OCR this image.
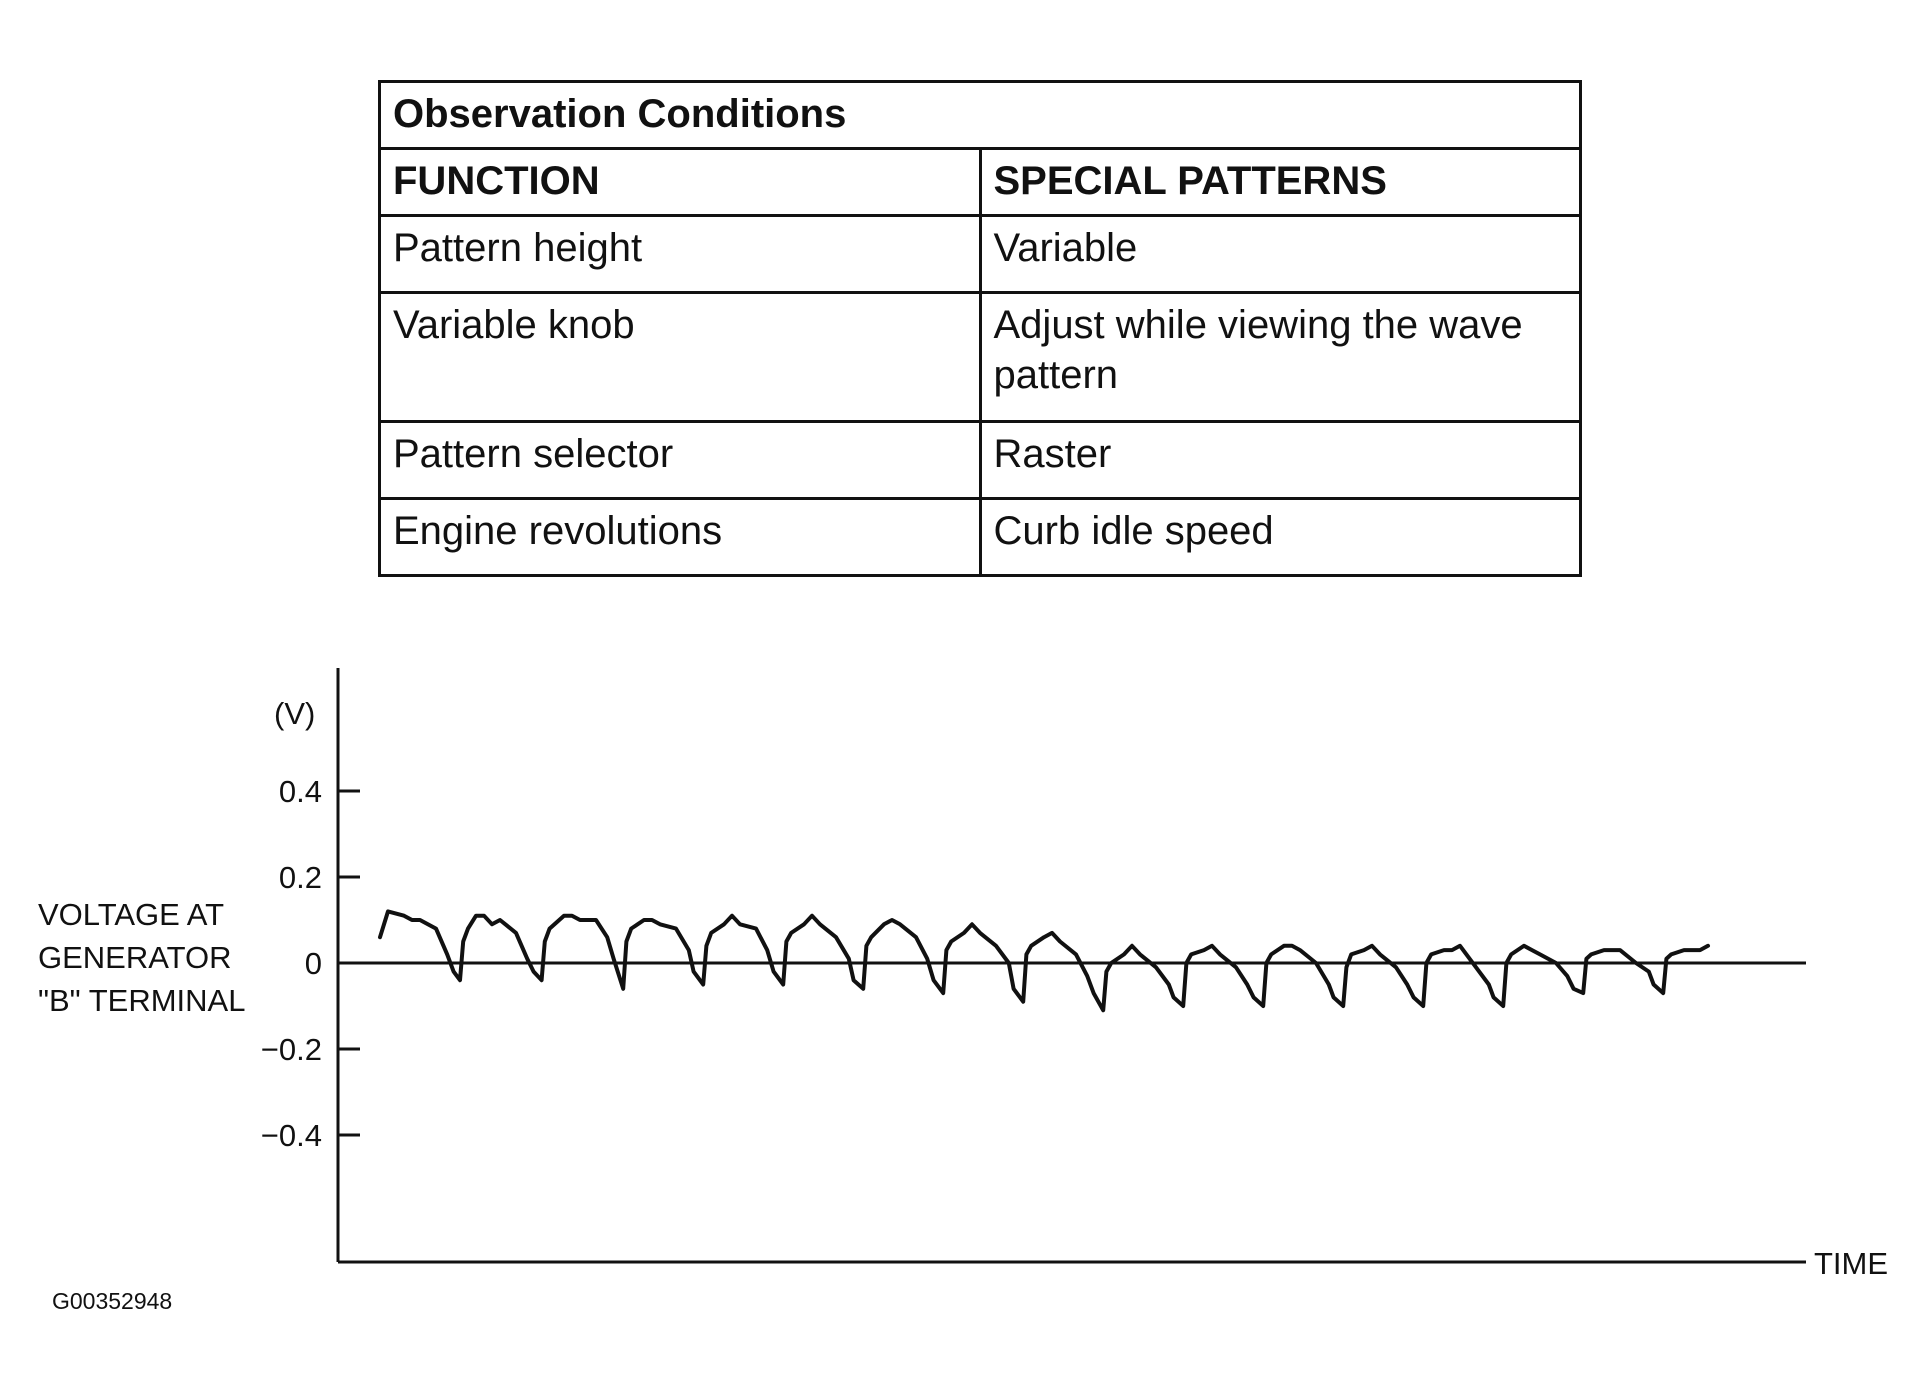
Observation Conditions	
FUNCTION	SPECIAL PATTERNS
Pattern height	Variable
Variable knob	Adjust while viewing the wave pattern
Pattern selector	Raster
Engine revolutions	Curb idle speed
0.4
0.2
0
−0.2
−0.4
(V)
VOLTAGE AT
GENERATOR
"B" TERMINAL
TIME
G00352948
